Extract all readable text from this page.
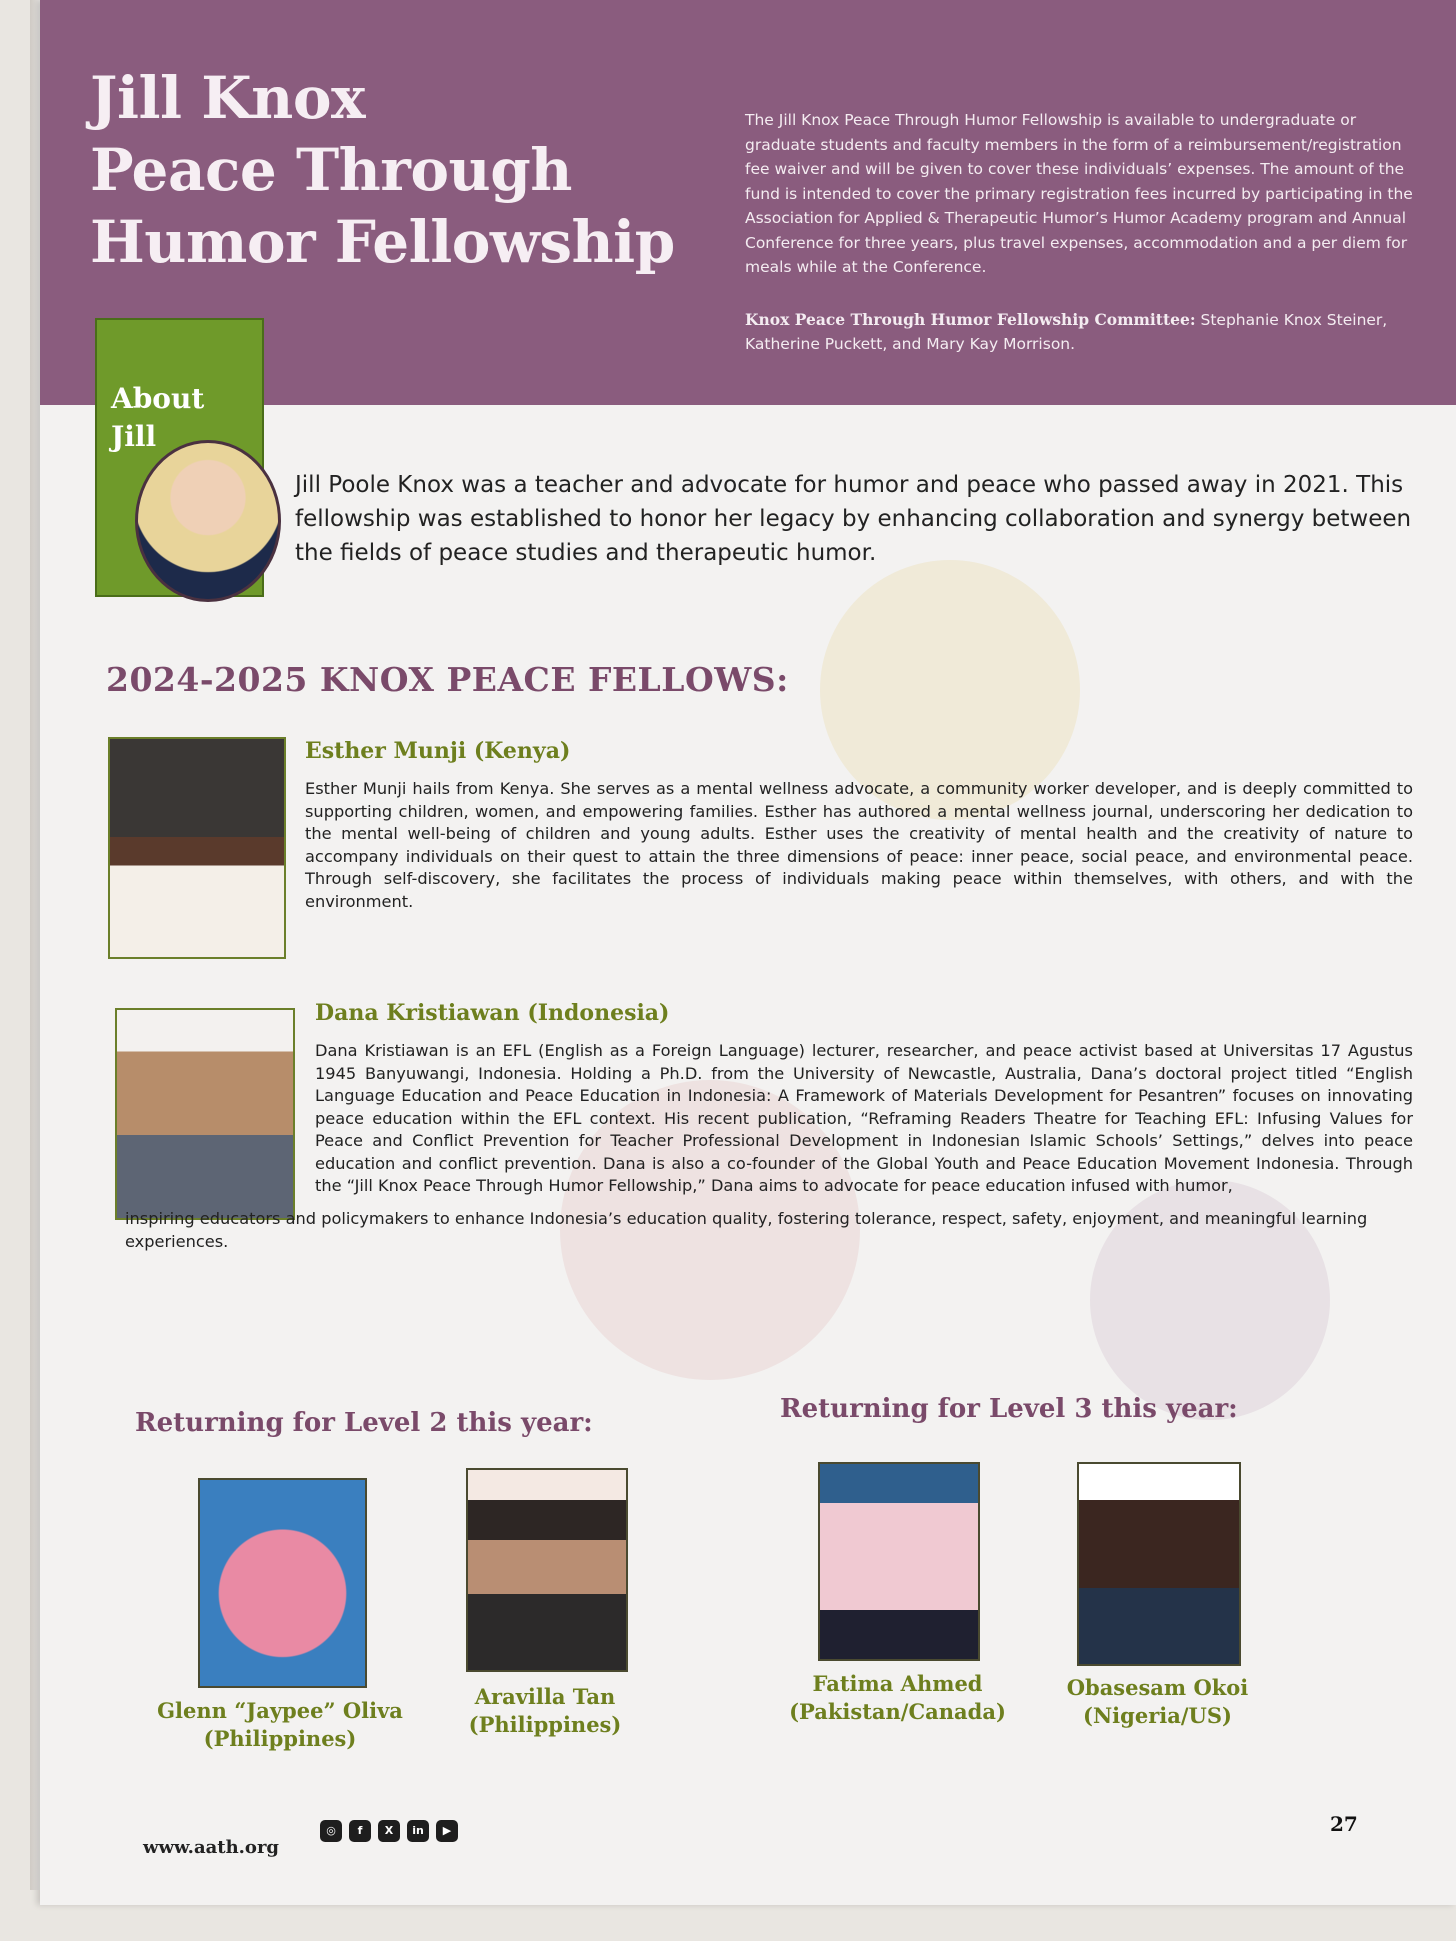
Jill Knox
Peace Through
Humor Fellowship
The Jill Knox Peace Through Humor Fellowship is available to undergraduate or graduate students and faculty members in the form of a reimbursement/registration fee waiver and will be given to cover these individuals’ expenses. The amount of the fund is intended to cover the primary registration fees incurred by participating in the Association for Applied & Therapeutic Humor’s Humor Academy program and Annual Conference for three years, plus travel expenses, accommodation and a per diem for meals while at the Conference.
Knox Peace Through Humor Fellowship Committee: Stephanie Knox Steiner, Katherine Puckett, and Mary Kay Morrison.
About
Jill
Jill Poole Knox was a teacher and advocate for humor and peace who passed away in 2021. This fellowship was established to honor her legacy by enhancing collaboration and synergy between the fields of peace studies and therapeutic humor.
2024-2025 KNOX PEACE FELLOWS:
Esther Munji (Kenya)
Esther Munji hails from Kenya. She serves as a mental wellness advocate, a community worker developer, and is deeply committed to supporting children, women, and empowering families. Esther has authored a mental wellness journal, underscoring her dedication to the mental well-being of children and young adults. Esther uses the creativity of mental health and the creativity of nature to accompany individuals on their quest to attain the three dimensions of peace: inner peace, social peace, and environmental peace. Through self-discovery, she facilitates the process of individuals making peace within themselves, with others, and with the environment.
Dana Kristiawan (Indonesia)
Dana Kristiawan is an EFL (English as a Foreign Language) lecturer, researcher, and peace activist based at Universitas 17 Agustus 1945 Banyuwangi, Indonesia. Holding a Ph.D. from the University of Newcastle, Australia, Dana’s doctoral project titled “English Language Education and Peace Education in Indonesia: A Framework of Materials Development for Pesantren” focuses on innovating peace education within the EFL context. His recent publication, “Reframing Readers Theatre for Teaching EFL: Infusing Values for Peace and Conflict Prevention for Teacher Professional Development in Indonesian Islamic Schools’ Settings,” delves into peace education and conflict prevention. Dana is also a co-founder of the Global Youth and Peace Education Movement Indonesia. Through the “Jill Knox Peace Through Humor Fellowship,” Dana aims to advocate for peace education infused with humor,
inspiring educators and policymakers to enhance Indonesia’s education quality, fostering tolerance, respect, safety, enjoyment, and meaningful learning experiences.
Returning for Level 2 this year:	Returning for Level 3 this year:
Glenn “Jaypee” Oliva
(Philippines)
Aravilla Tan
(Philippines)
Fatima Ahmed
(Pakistan/Canada)
Obasesam Okoi
(Nigeria/US)
www.aath.org
◎	f	X	in	▶	27
